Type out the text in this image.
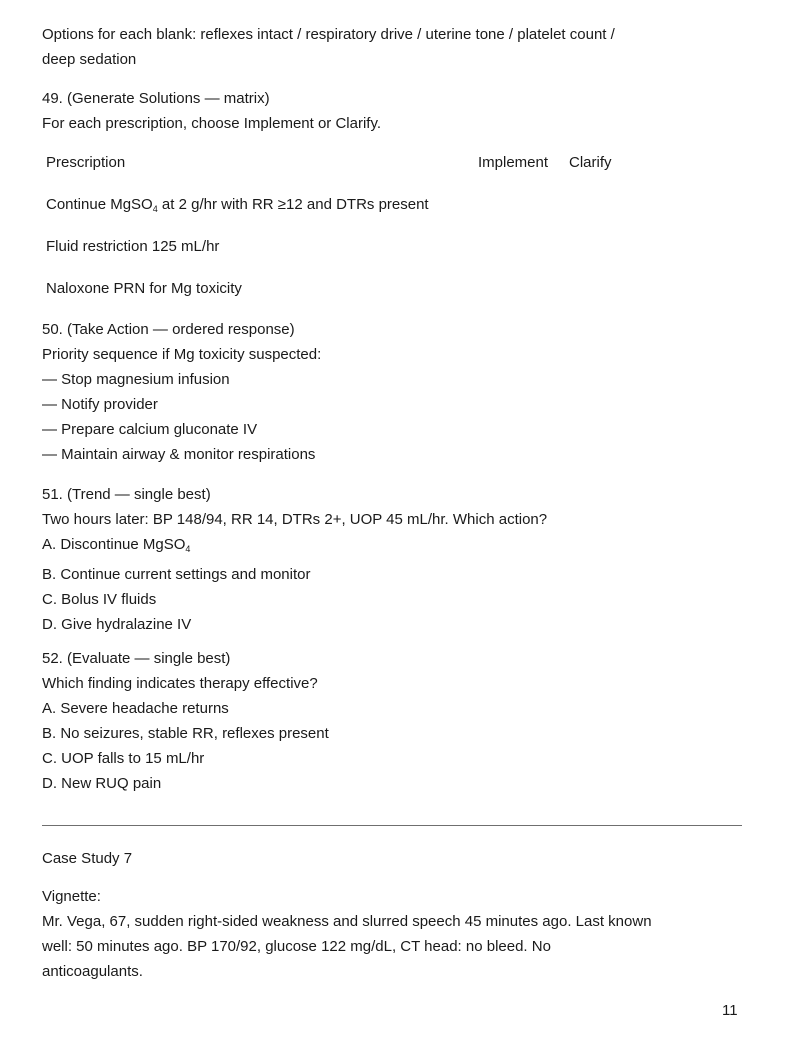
Options for each blank: reflexes intact / respiratory drive / uterine tone / platelet count /
deep sedation
49. (Generate Solutions — matrix)
For each prescription, choose Implement or Clarify.
Prescription	Implement Clarify
Continue MgSO$_4$ at 2 g/hr with RR ≥12 and DTRs present
Fluid restriction 125 mL/hr
Naloxone PRN for Mg toxicity
50. (Take Action — ordered response)
Priority sequence if Mg toxicity suspected:
— Stop magnesium infusion
— Notify provider
— Prepare calcium gluconate IV
— Maintain airway & monitor respirations
51. (Trend — single best)
Two hours later: BP 148/94, RR 14, DTRs 2+, UOP 45 mL/hr. Which action?
A. Discontinue MgSO$_4$
B. Continue current settings and monitor
C. Bolus IV fluids
D. Give hydralazine IV
52. (Evaluate — single best)
Which finding indicates therapy effective?
A. Severe headache returns
B. No seizures, stable RR, reflexes present
C. UOP falls to 15 mL/hr
D. New RUQ pain
Case Study 7
Vignette:
Mr. Vega, 67, sudden right-sided weakness and slurred speech 45 minutes ago. Last known
well: 50 minutes ago. BP 170/92, glucose 122 mg/dL, CT head: no bleed. No
anticoagulants.
11
